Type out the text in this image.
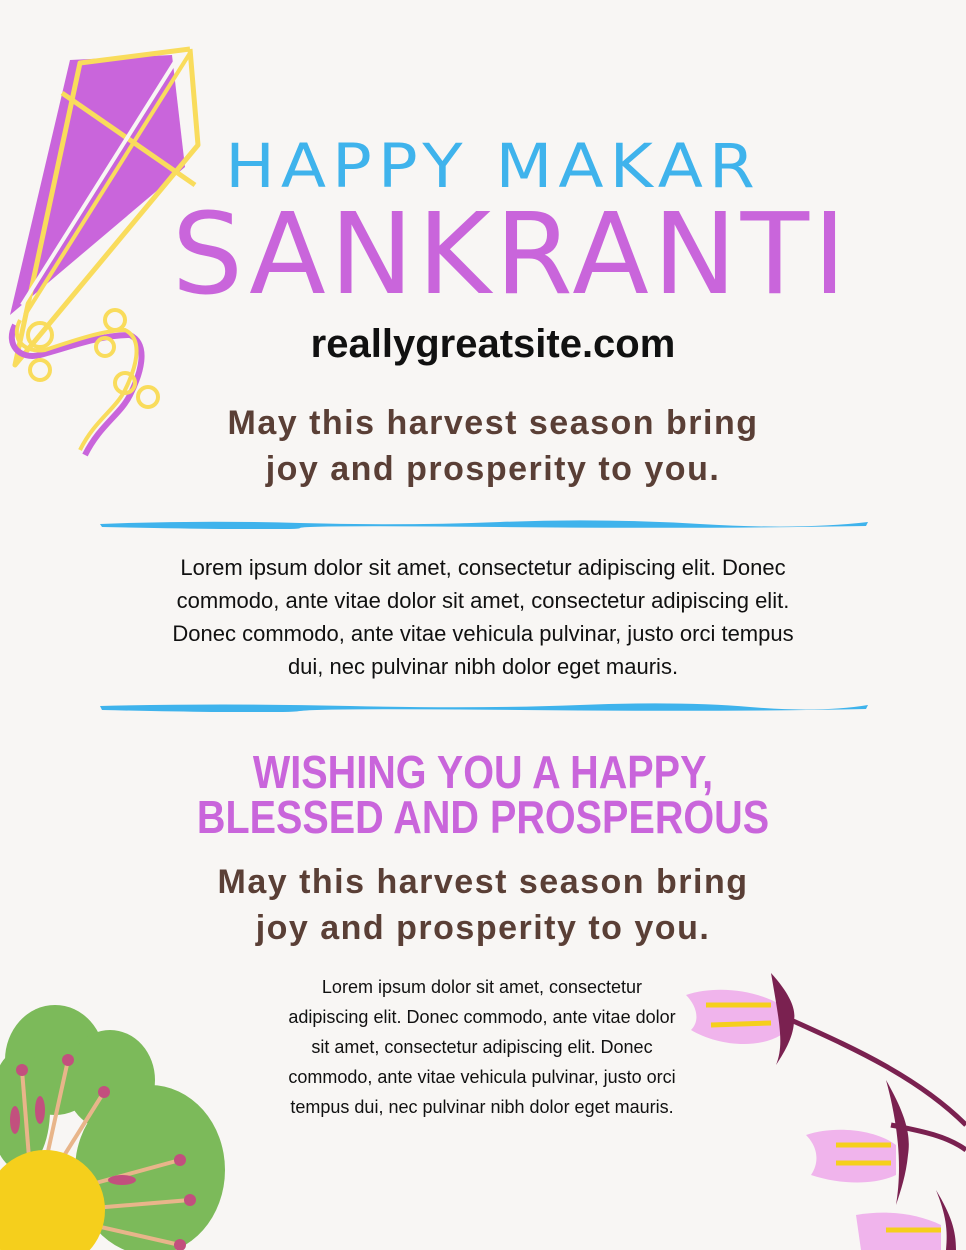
HAPPY MAKAR
SANKRANTI
reallygreatsite.com
May this harvest season bring
joy and prosperity to you.
Lorem ipsum dolor sit amet, consectetur adipiscing elit. Donec
commodo, ante vitae dolor sit amet, consectetur adipiscing elit.
Donec commodo, ante vitae vehicula pulvinar, justo orci tempus
dui, nec pulvinar nibh dolor eget mauris.
WISHING YOU A HAPPY,
BLESSED AND PROSPEROUS
May this harvest season bring
joy and prosperity to you.
Lorem ipsum dolor sit amet, consectetur
adipiscing elit. Donec commodo, ante vitae dolor
sit amet, consectetur adipiscing elit. Donec
commodo, ante vitae vehicula pulvinar, justo orci
tempus dui, nec pulvinar nibh dolor eget mauris.
